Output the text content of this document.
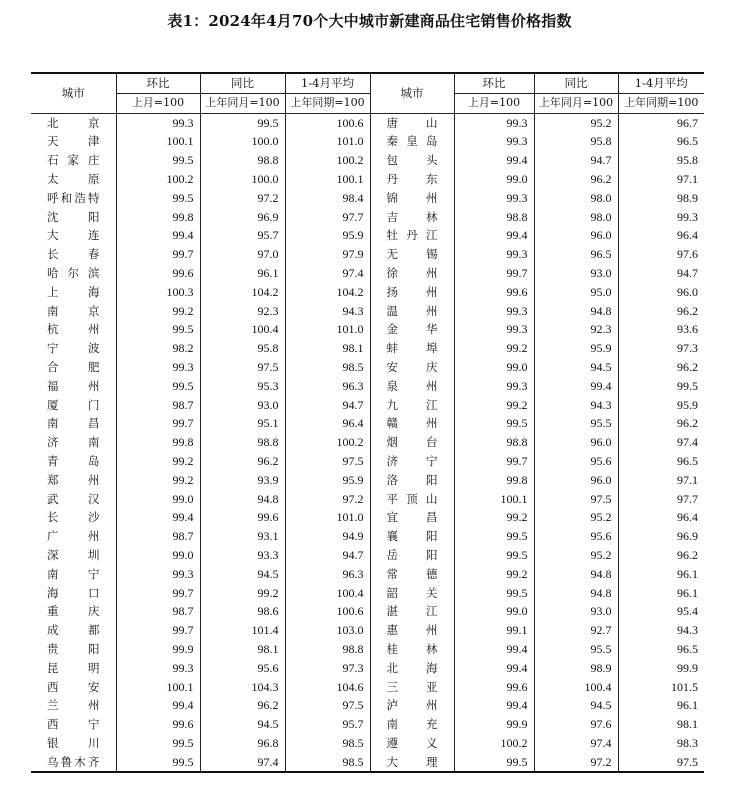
表1：2024年4月70个大中城市新建商品住宅销售价格指数
城市	环比	同比	1-4月平均	城市	环比	同比	1-4月平均
	上月=100	上年同月=100	上年同期=100		上月=100	上年同月=100	上年同期=100
北京	99.3	99.5	100.6	唐山	99.3	95.2	96.7
天津	100.1	100.0	101.0	秦皇岛	99.3	95.8	96.5
石家庄	99.5	98.8	100.2	包头	99.4	94.7	95.8
太原	100.2	100.0	100.1	丹东	99.0	96.2	97.1
呼和浩特	99.5	97.2	98.4	锦州	99.3	98.0	98.9
沈阳	99.8	96.9	97.7	吉林	98.8	98.0	99.3
大连	99.4	95.7	95.9	牡丹江	99.4	96.0	96.4
长春	99.7	97.0	97.9	无锡	99.3	96.5	97.6
哈尔滨	99.6	96.1	97.4	徐州	99.7	93.0	94.7
上海	100.3	104.2	104.2	扬州	99.6	95.0	96.0
南京	99.2	92.3	94.3	温州	99.3	94.8	96.2
杭州	99.5	100.4	101.0	金华	99.3	92.3	93.6
宁波	98.2	95.8	98.1	蚌埠	99.2	95.9	97.3
合肥	99.3	97.5	98.5	安庆	99.0	94.5	96.2
福州	99.5	95.3	96.3	泉州	99.3	99.4	99.5
厦门	98.7	93.0	94.7	九江	99.2	94.3	95.9
南昌	99.7	95.1	96.4	赣州	99.5	95.5	96.2
济南	99.8	98.8	100.2	烟台	98.8	96.0	97.4
青岛	99.2	96.2	97.5	济宁	99.7	95.6	96.5
郑州	99.2	93.9	95.9	洛阳	99.8	96.0	97.1
武汉	99.0	94.8	97.2	平顶山	100.1	97.5	97.7
长沙	99.4	99.6	101.0	宜昌	99.2	95.2	96.4
广州	98.7	93.1	94.9	襄阳	99.5	95.6	96.9
深圳	99.0	93.3	94.7	岳阳	99.5	95.2	96.2
南宁	99.3	94.5	96.3	常德	99.2	94.8	96.1
海口	99.7	99.2	100.4	韶关	99.5	94.8	96.1
重庆	98.7	98.6	100.6	湛江	99.0	93.0	95.4
成都	99.7	101.4	103.0	惠州	99.1	92.7	94.3
贵阳	99.9	98.1	98.8	桂林	99.4	95.5	96.5
昆明	99.3	95.6	97.3	北海	99.4	98.9	99.9
西安	100.1	104.3	104.6	三亚	99.6	100.4	101.5
兰州	99.4	96.2	97.5	泸州	99.4	94.5	96.1
西宁	99.6	94.5	95.7	南充	99.9	97.6	98.1
银川	99.5	96.8	98.5	遵义	100.2	97.4	98.3
乌鲁木齐	99.5	97.4	98.5	大理	99.5	97.2	97.5
